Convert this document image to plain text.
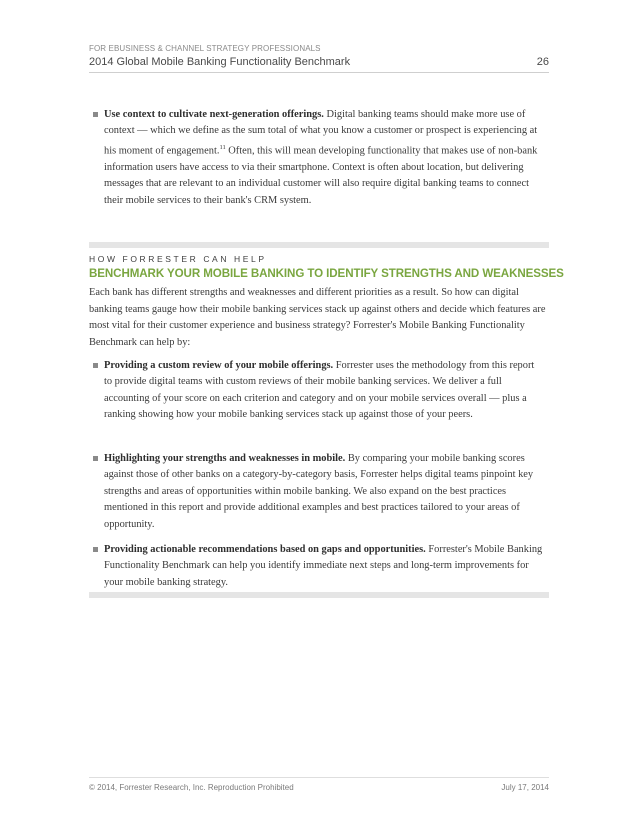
FOR EBUSINESS & CHANNEL STRATEGY PROFESSIONALS
2014 Global Mobile Banking Functionality Benchmark	26
Use context to cultivate next-generation offerings. Digital banking teams should make more use of context — which we define as the sum total of what you know a customer or prospect is experiencing at his moment of engagement.$^{11}$ Often, this will mean developing functionality that makes use of non-bank information users have access to via their smartphone. Context is often about location, but delivering messages that are relevant to an individual customer will also require digital banking teams to connect their mobile services to their bank's CRM system.
HOW FORRESTER CAN HELP
BENCHMARK YOUR MOBILE BANKING TO IDENTIFY STRENGTHS AND WEAKNESSES
Each bank has different strengths and weaknesses and different priorities as a result. So how can digital banking teams gauge how their mobile banking services stack up against others and decide which features are most vital for their customer experience and business strategy? Forrester's Mobile Banking Functionality Benchmark can help by:
Providing a custom review of your mobile offerings. Forrester uses the methodology from this report to provide digital teams with custom reviews of their mobile banking services. We deliver a full accounting of your score on each criterion and category and on your mobile services overall — plus a ranking showing how your mobile banking services stack up against those of your peers.
Highlighting your strengths and weaknesses in mobile. By comparing your mobile banking scores against those of other banks on a category-by-category basis, Forrester helps digital teams pinpoint key strengths and areas of opportunities within mobile banking. We also expand on the best practices mentioned in this report and provide additional examples and best practices tailored to your areas of opportunity.
Providing actionable recommendations based on gaps and opportunities. Forrester's Mobile Banking Functionality Benchmark can help you identify immediate next steps and long-term improvements for your mobile banking strategy.
© 2014, Forrester Research, Inc. Reproduction Prohibited	July 17, 2014
